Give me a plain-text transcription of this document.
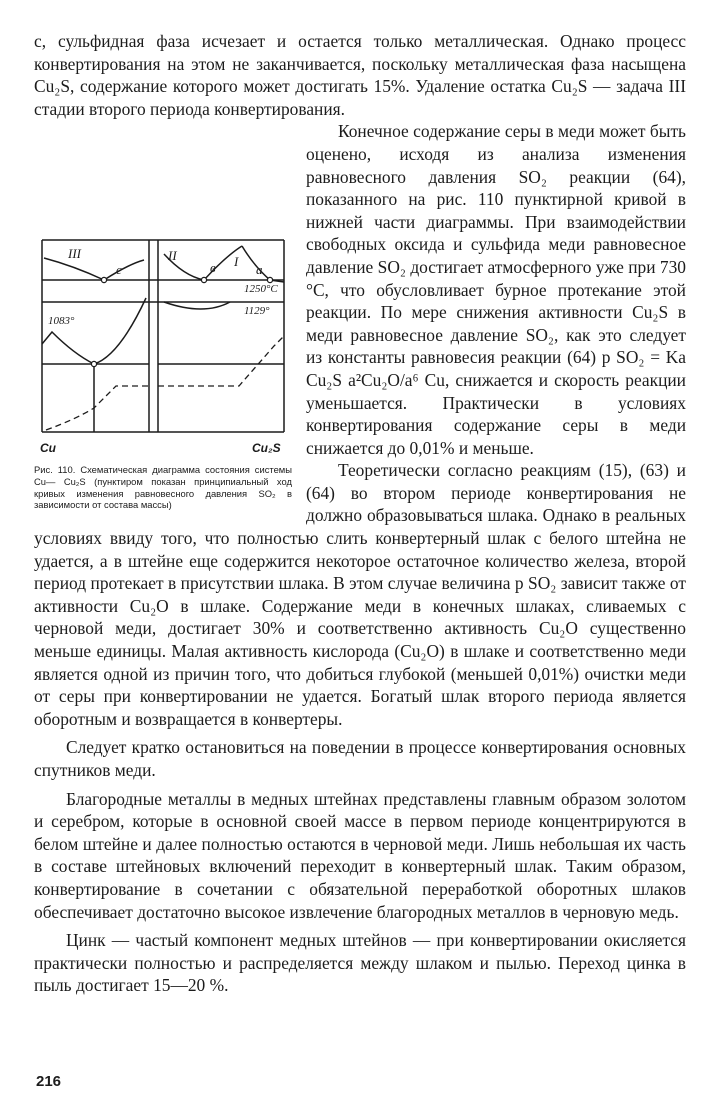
с, сульфидная фаза исчезает и остается только металлическая. Однако процесс конвертирования на этом не заканчивается, поскольку металлическая фаза насыщена Cu₂S, содержание которого может достигать 15%. Удаление остатка Cu₂S — задача III стадии второго периода конвертирования.

III
c
II
в I
a
1250°C
1129°
1083°
Cu	Cu₂S
Рис. 110. Схематическая диаграмма состояния системы Cu— Cu₂S (пунктиром показан принципиальный ход кривых изменения равновесного давления SO₂ в зависимости от состава массы)

Конечное содержание серы в меди может быть оценено, исходя из анализа изменения равновесного давления SO₂ реакции (64), показанного на рис. 110 пунктирной кривой в нижней части диаграммы. При взаимодействии свободных оксида и сульфида меди равновесное давление SO₂ достигает атмосферного уже при 730 °C, что обусловливает бурное протекание этой реакции. По мере снижения активности Cu₂S в меди равновесное давление SO₂, как это следует из константы равновесия реакции (64) p SO₂ = Ka Cu₂S a²Cu₂O/a⁶ Cu, снижается и скорость реакции уменьшается. Практически в условиях конвертирования содержание серы в меди снижается до 0,01% и меньше.

Теоретически согласно реакциям (15), (63) и (64) во втором периоде конвертирования не должно образовываться шлака. Однако в реальных условиях ввиду того, что полностью слить конвертерный шлак с белого штейна не удается, а в штейне еще содержится некоторое остаточное количество железа, второй период протекает в присутствии шлака. В этом случае величина p SO₂ зависит также от активности Cu₂O в шлаке. Содержание меди в конечных шлаках, сливаемых с черновой меди, достигает 30% и соответственно активность Cu₂O существенно меньше единицы. Малая активность кислорода (Cu₂O) в шлаке и соответственно меди является одной из причин того, что добиться глубокой (меньшей 0,01%) очистки меди от серы при конвертировании не удается. Богатый шлак второго периода является оборотным и возвращается в конвертеры.

Следует кратко остановиться на поведении в процессе конвертирования основных спутников меди.

Благородные металлы в медных штейнах представлены главным образом золотом и серебром, которые в основной своей массе в первом периоде концентрируются в белом штейне и далее полностью остаются в черновой меди. Лишь небольшая их часть в составе штейновых включений переходит в конвертерный шлак. Таким образом, конвертирование в сочетании с обязательной переработкой оборотных шлаков обеспечивает достаточно высокое извлечение благородных металлов в черновую медь.

Цинк — частый компонент медных штейнов — при конвертировании окисляется практически полностью и распределяется между шлаком и пылью. Переход цинка в пыль достигает 15—20 %.

216
